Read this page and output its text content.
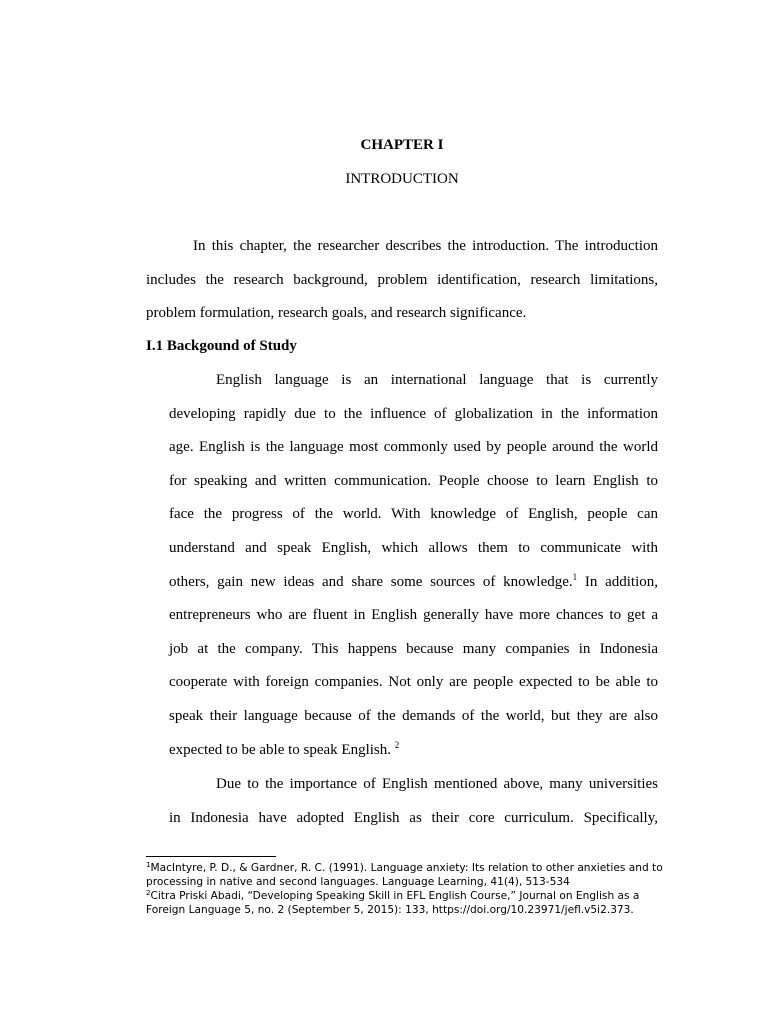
CHAPTER I
INTRODUCTION
In this chapter, the researcher describes the introduction. The introduction
includes the research background, problem identification, research limitations,
problem formulation, research goals, and research significance.
I.1 Backgound of Study
English language is an international language that is currently
developing rapidly due to the influence of globalization in the information
age. English is the language most commonly used by people around the world
for speaking and written communication. People choose to learn English to
face the progress of the world. With knowledge of English, people can
understand and speak English, which allows them to communicate with
others, gain new ideas and share some sources of knowledge.$^1$ In addition,
entrepreneurs who are fluent in English generally have more chances to get a
job at the company. This happens because many companies in Indonesia
cooperate with foreign companies. Not only are people expected to be able to
speak their language because of the demands of the world, but they are also
expected to be able to speak English. $^2$
Due to the importance of English mentioned above, many universities
in Indonesia have adopted English as their core curriculum. Specifically,

$^1$MacIntyre, P. D., & Gardner, R. C. (1991). Language anxiety: Its relation to other anxieties and to processing in native and second languages. Language Learning, 41(4), 513-534

$^2$Citra Priski Abadi, “Developing Speaking Skill in EFL English Course,” Journal on English as a Foreign Language 5, no. 2 (September 5, 2015): 133, https://doi.org/10.23971/jefl.v5i2.373.
